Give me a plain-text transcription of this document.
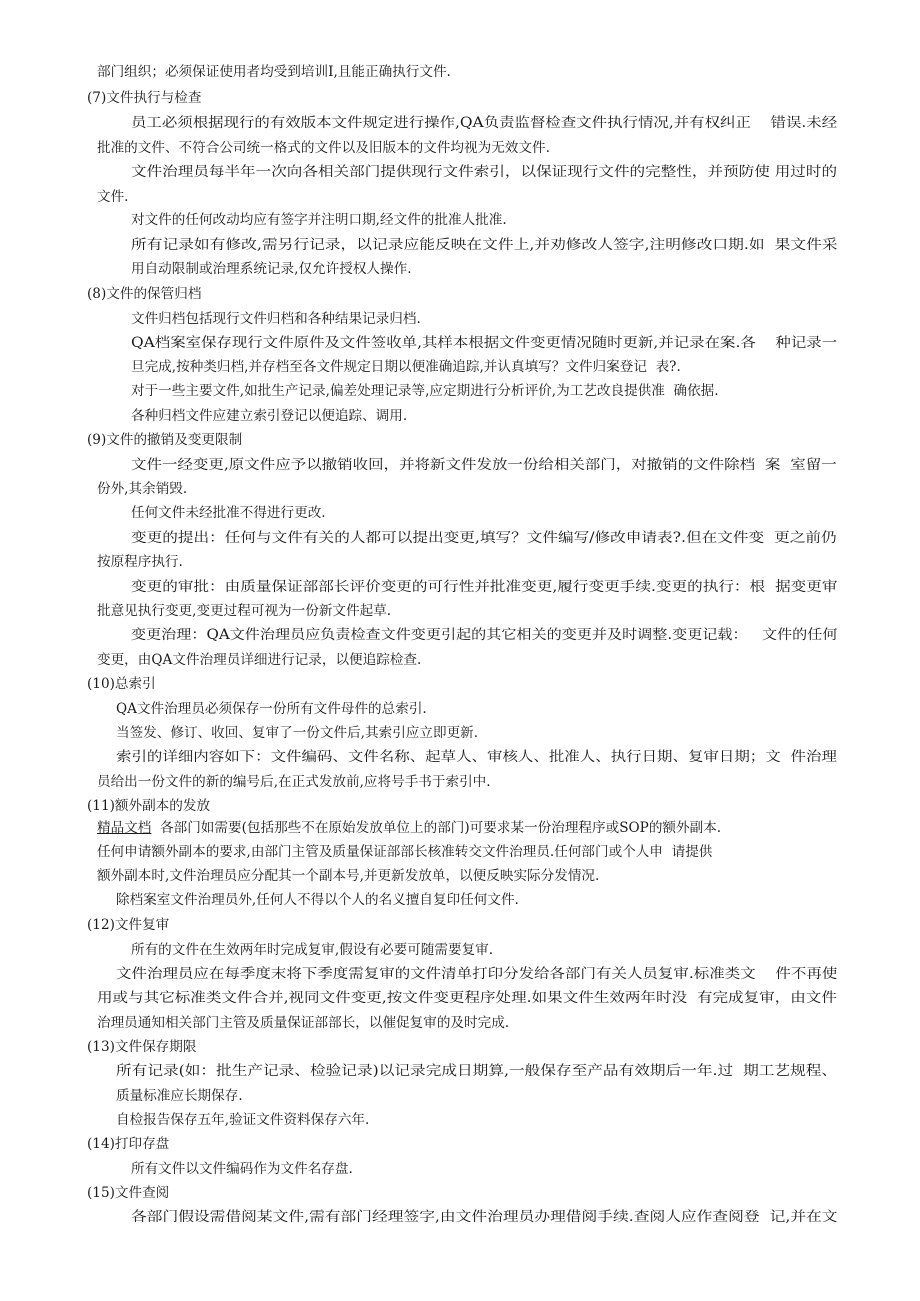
部门组织；必须保证使用者均受到培训I,且能正确执行文件.
(7)文件执行与检查
员工必须根据现行的有效版本文件规定进行操作,QA负责监督检查文件执行情况,并有权纠正    错误.未经
批准的文件、不符合公司统一格式的文件以及旧版本的文件均视为无效文件.
文件治理员每半年一次向各相关部门提供现行文件索引，以保证现行文件的完整性，并预防使 用过时的
文件.
对文件的任何改动均应有签字并注明口期,经文件的批准人批准.
所有记录如有修改,需另行记录，以记录应能反映在文件上,并劝修改人签字,注明修改口期.如  果文件采
用自动限制或治理系统记录,仅允许授权人操作.
(8)文件的保管归档
文件归档包括现行文件归档和各种结果记录归档.
QA档案室保存现行文件原件及文件签收单,其样本根据文件变更情况随时更新,并记录在案.各    种记录一
旦完成,按种类归档,并存档至各文件规定日期以便准确追踪,并认真填写？文件归案登记  表?.
对于一些主要文件,如批生产记录,偏差处理记录等,应定期进行分析评价,为工艺改良提供准  确依据.
各种归档文件应建立索引登记以便追踪、调用.
(9)文件的撤销及变更限制
文件一经变更,原文件应予以撤销收回，并将新文件发放一份给相关部门，对撤销的文件除档  案  室留一
份外,其余销毁.
任何文件未经批准不得进行更改.
变更的提出：任何与文件有关的人都可以提出变更,填写？文件编写/修改申请表?.但在文件变  更之前仍
按原程序执行.
变更的审批：由质量保证部部长评价变更的可行性并批准变更,履行变更手续.变更的执行：根  据变更审
批意见执行变更,变更过程可视为一份新文件起草.
变更治理：QA文件治理员应负责检查文件变更引起的其它相关的变更并及时调整.变更记载：   文件的任何
变更，由QA文件治理员详细进行记录，以便追踪检查.
(10)总索引
QA文件治理员必须保存一份所有文件母件的总索引.
当签发、修订、收回、复审了一份文件后,其索引应立即更新.
索引的详细内容如下：文件编码、文件名称、起草人、审核人、批准人、执行日期、复审日期；文  件治理
员给出一份文件的新的编号后,在正式发放前,应将号手书于索引中.
(11)额外副本的发放
精品文档  各部门如需要(包括那些不在原始发放单位上的部门)可要求某一份治理程序或SOP的额外副本.
任何申请额外副本的要求,由部门主管及质量保证部部长核准转交文件治理员.任何部门或个人申  请提供
额外副本时,文件治理员应分配其一个副本号,并更新发放单，以便反映实际分发情况.
除档案室文件治理员外,任何人不得以个人的名义擅自复印任何文件.
(12)文件复审
所有的文件在生效两年时完成复审,假设有必要可随需要复审.
文件治理员应在每季度末将下季度需复审的文件清单打印分发给各部门有关人员复审.标准类文    件不再使
用或与其它标准类文件合并,视同文件变更,按文件变更程序处理.如果文件生效两年时没  有完成复审，由文件
治理员通知相关部门主管及质量保证部部长，以催促复审的及时完成.
(13)文件保存期限
所有记录(如：批生产记录、检验记录)以记录完成日期算,一般保存至产品有效期后一年.过  期工艺规程、
质量标准应长期保存.
自检报告保存五年,验证文件资料保存六年.
(14)打印存盘
所有文件以文件编码作为文件名存盘.
(15)文件查阅
各部门假设需借阅某文件,需有部门经理签字,由文件治理员办理借阅手续.查阅人应作查阅登  记,并在文
